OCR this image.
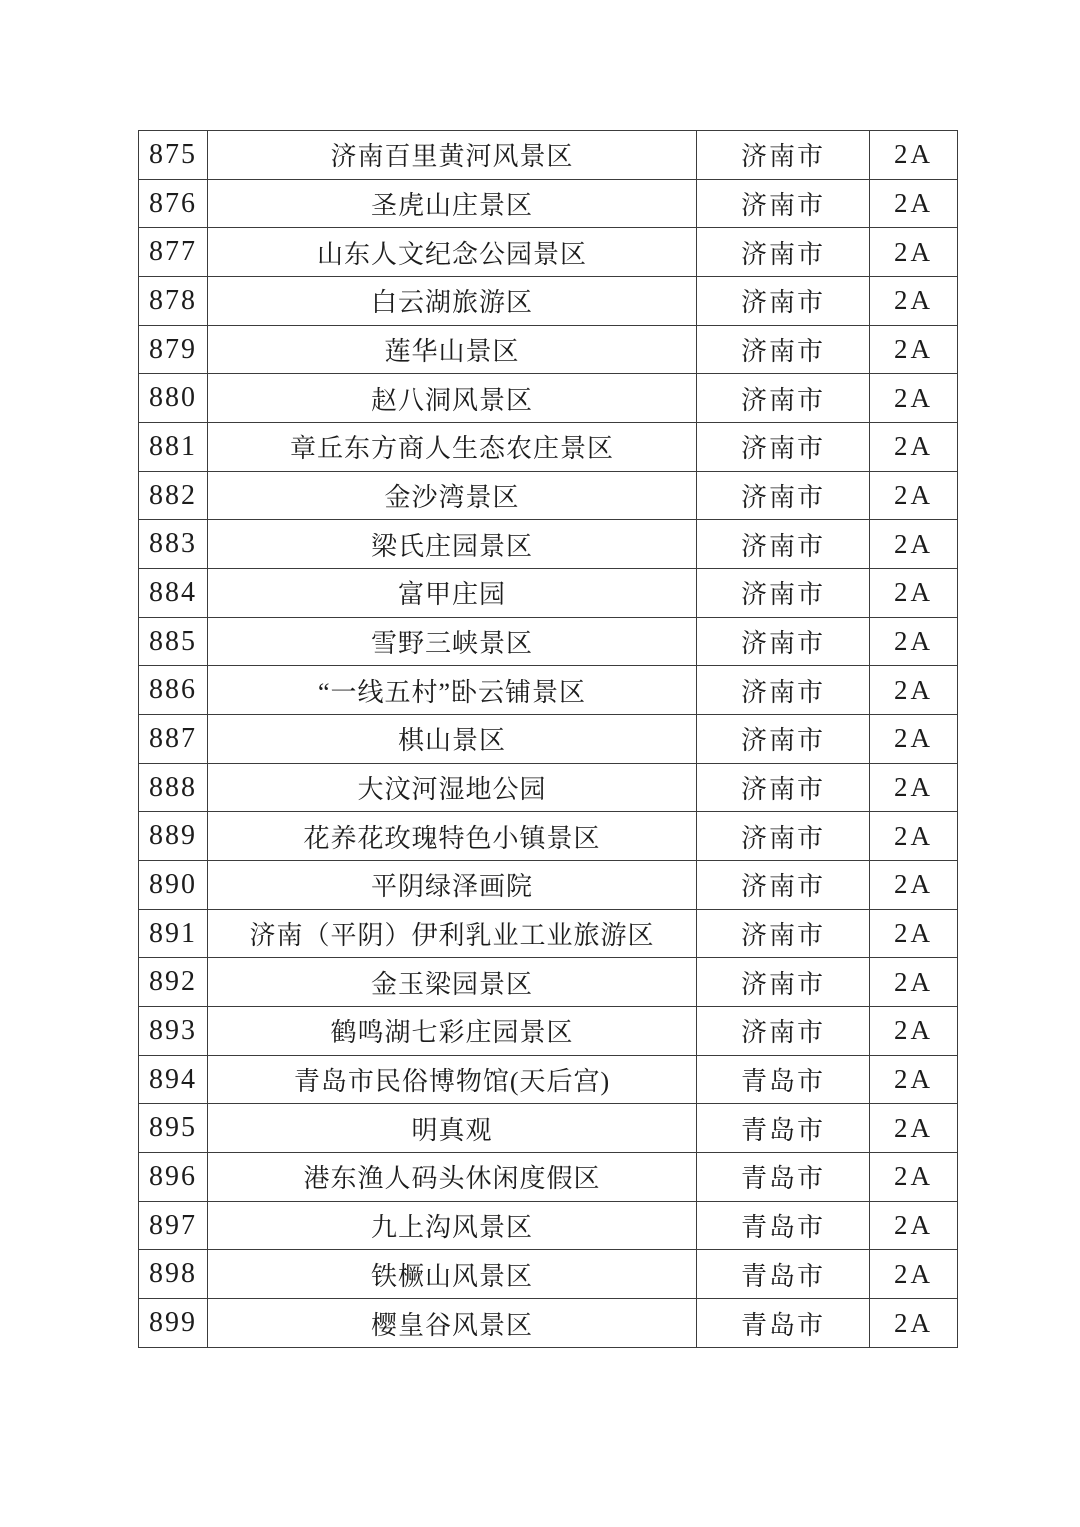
875	济南百里黄河风景区	济南市	2A
876	圣虎山庄景区	济南市	2A
877	山东人文纪念公园景区	济南市	2A
878	白云湖旅游区	济南市	2A
879	莲华山景区	济南市	2A
880	赵八洞风景区	济南市	2A
881	章丘东方商人生态农庄景区	济南市	2A
882	金沙湾景区	济南市	2A
883	梁氏庄园景区	济南市	2A
884	富甲庄园	济南市	2A
885	雪野三峡景区	济南市	2A
886	“一线五村”卧云铺景区	济南市	2A
887	棋山景区	济南市	2A
888	大汶河湿地公园	济南市	2A
889	花养花玫瑰特色小镇景区	济南市	2A
890	平阴绿泽画院	济南市	2A
891	济南（平阴）伊利乳业工业旅游区	济南市	2A
892	金玉梁园景区	济南市	2A
893	鹤鸣湖七彩庄园景区	济南市	2A
894	青岛市民俗博物馆(天后宫)	青岛市	2A
895	明真观	青岛市	2A
896	港东渔人码头休闲度假区	青岛市	2A
897	九上沟风景区	青岛市	2A
898	铁橛山风景区	青岛市	2A
899	樱皇谷风景区	青岛市	2A
